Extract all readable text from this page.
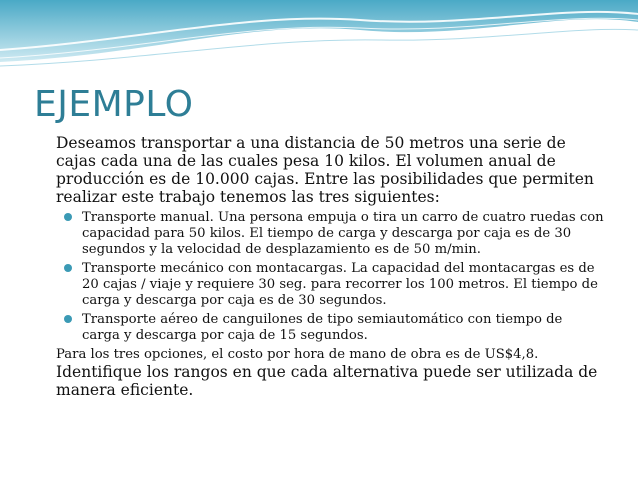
EJEMPLO

Deseamos transportar a una distancia de 50 metros una serie de cajas cada una de las cuales pesa 10 kilos. El volumen anual de producción es de 10.000 cajas. Entre las posibilidades que permiten realizar este trabajo tenemos las tres siguientes:

Transporte manual. Una persona empuja o tira un carro de cuatro ruedas con capacidad para 50 kilos. El tiempo de carga y descarga por caja es de 30 segundos y la velocidad de desplazamiento es de 50 m/min.
Transporte mecánico con montacargas. La capacidad del montacargas es de 20 cajas / viaje y requiere 30 seg. para recorrer los 100 metros. El tiempo de carga y descarga por caja es de 30 segundos.
Transporte aéreo de canguilones de tipo semiautomático con tiempo de carga y descarga por caja de 15 segundos.

Para los tres opciones, el costo por hora de mano de obra es de US$4,8.

Identifique los rangos en que cada alternativa puede ser utilizada de manera eficiente.
